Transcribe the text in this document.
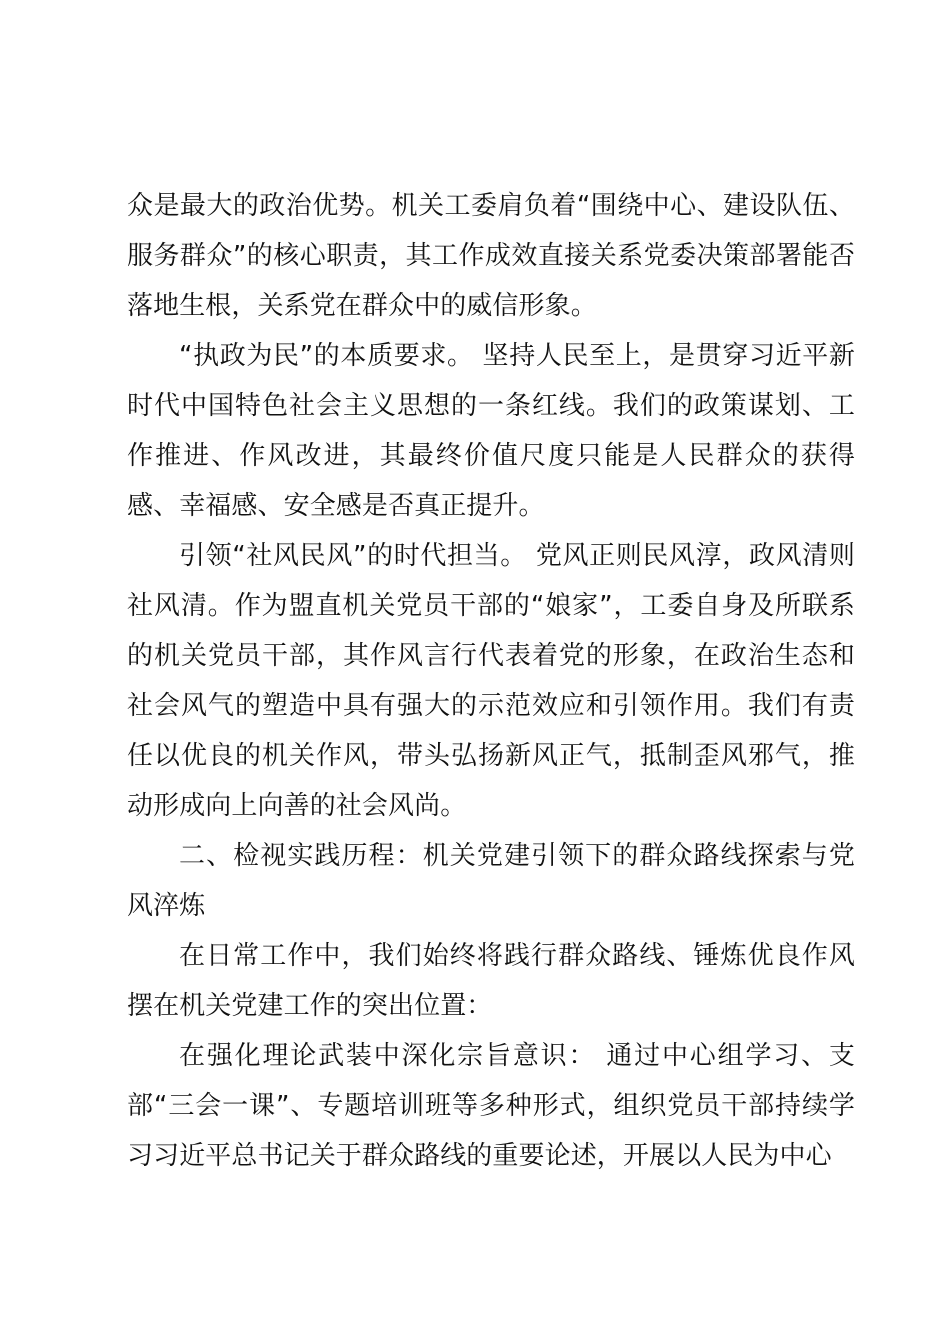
众是最大的政治优势。机关工委肩负着“围绕中心、建设队伍、服务群众”的核心职责，其工作成效直接关系党委决策部署能否落地生根，关系党在群众中的威信形象。

“执政为民”的本质要求。 坚持人民至上，是贯穿习近平新时代中国特色社会主义思想的一条红线。我们的政策谋划、工作推进、作风改进，其最终价值尺度只能是人民群众的获得感、幸福感、安全感是否真正提升。

引领“社风民风”的时代担当。 党风正则民风淳，政风清则社风清。作为盟直机关党员干部的“娘家”，工委自身及所联系的机关党员干部，其作风言行代表着党的形象，在政治生态和社会风气的塑造中具有强大的示范效应和引领作用。我们有责任以优良的机关作风，带头弘扬新风正气，抵制歪风邪气，推动形成向上向善的社会风尚。

二、检视实践历程：机关党建引领下的群众路线探索与党风淬炼

在日常工作中，我们始终将践行群众路线、锤炼优良作风摆在机关党建工作的突出位置：

在强化理论武装中深化宗旨意识： 通过中心组学习、支部“三会一课”、专题培训班等多种形式，组织党员干部持续学习习近平总书记关于群众路线的重要论述，开展以人民为中心
